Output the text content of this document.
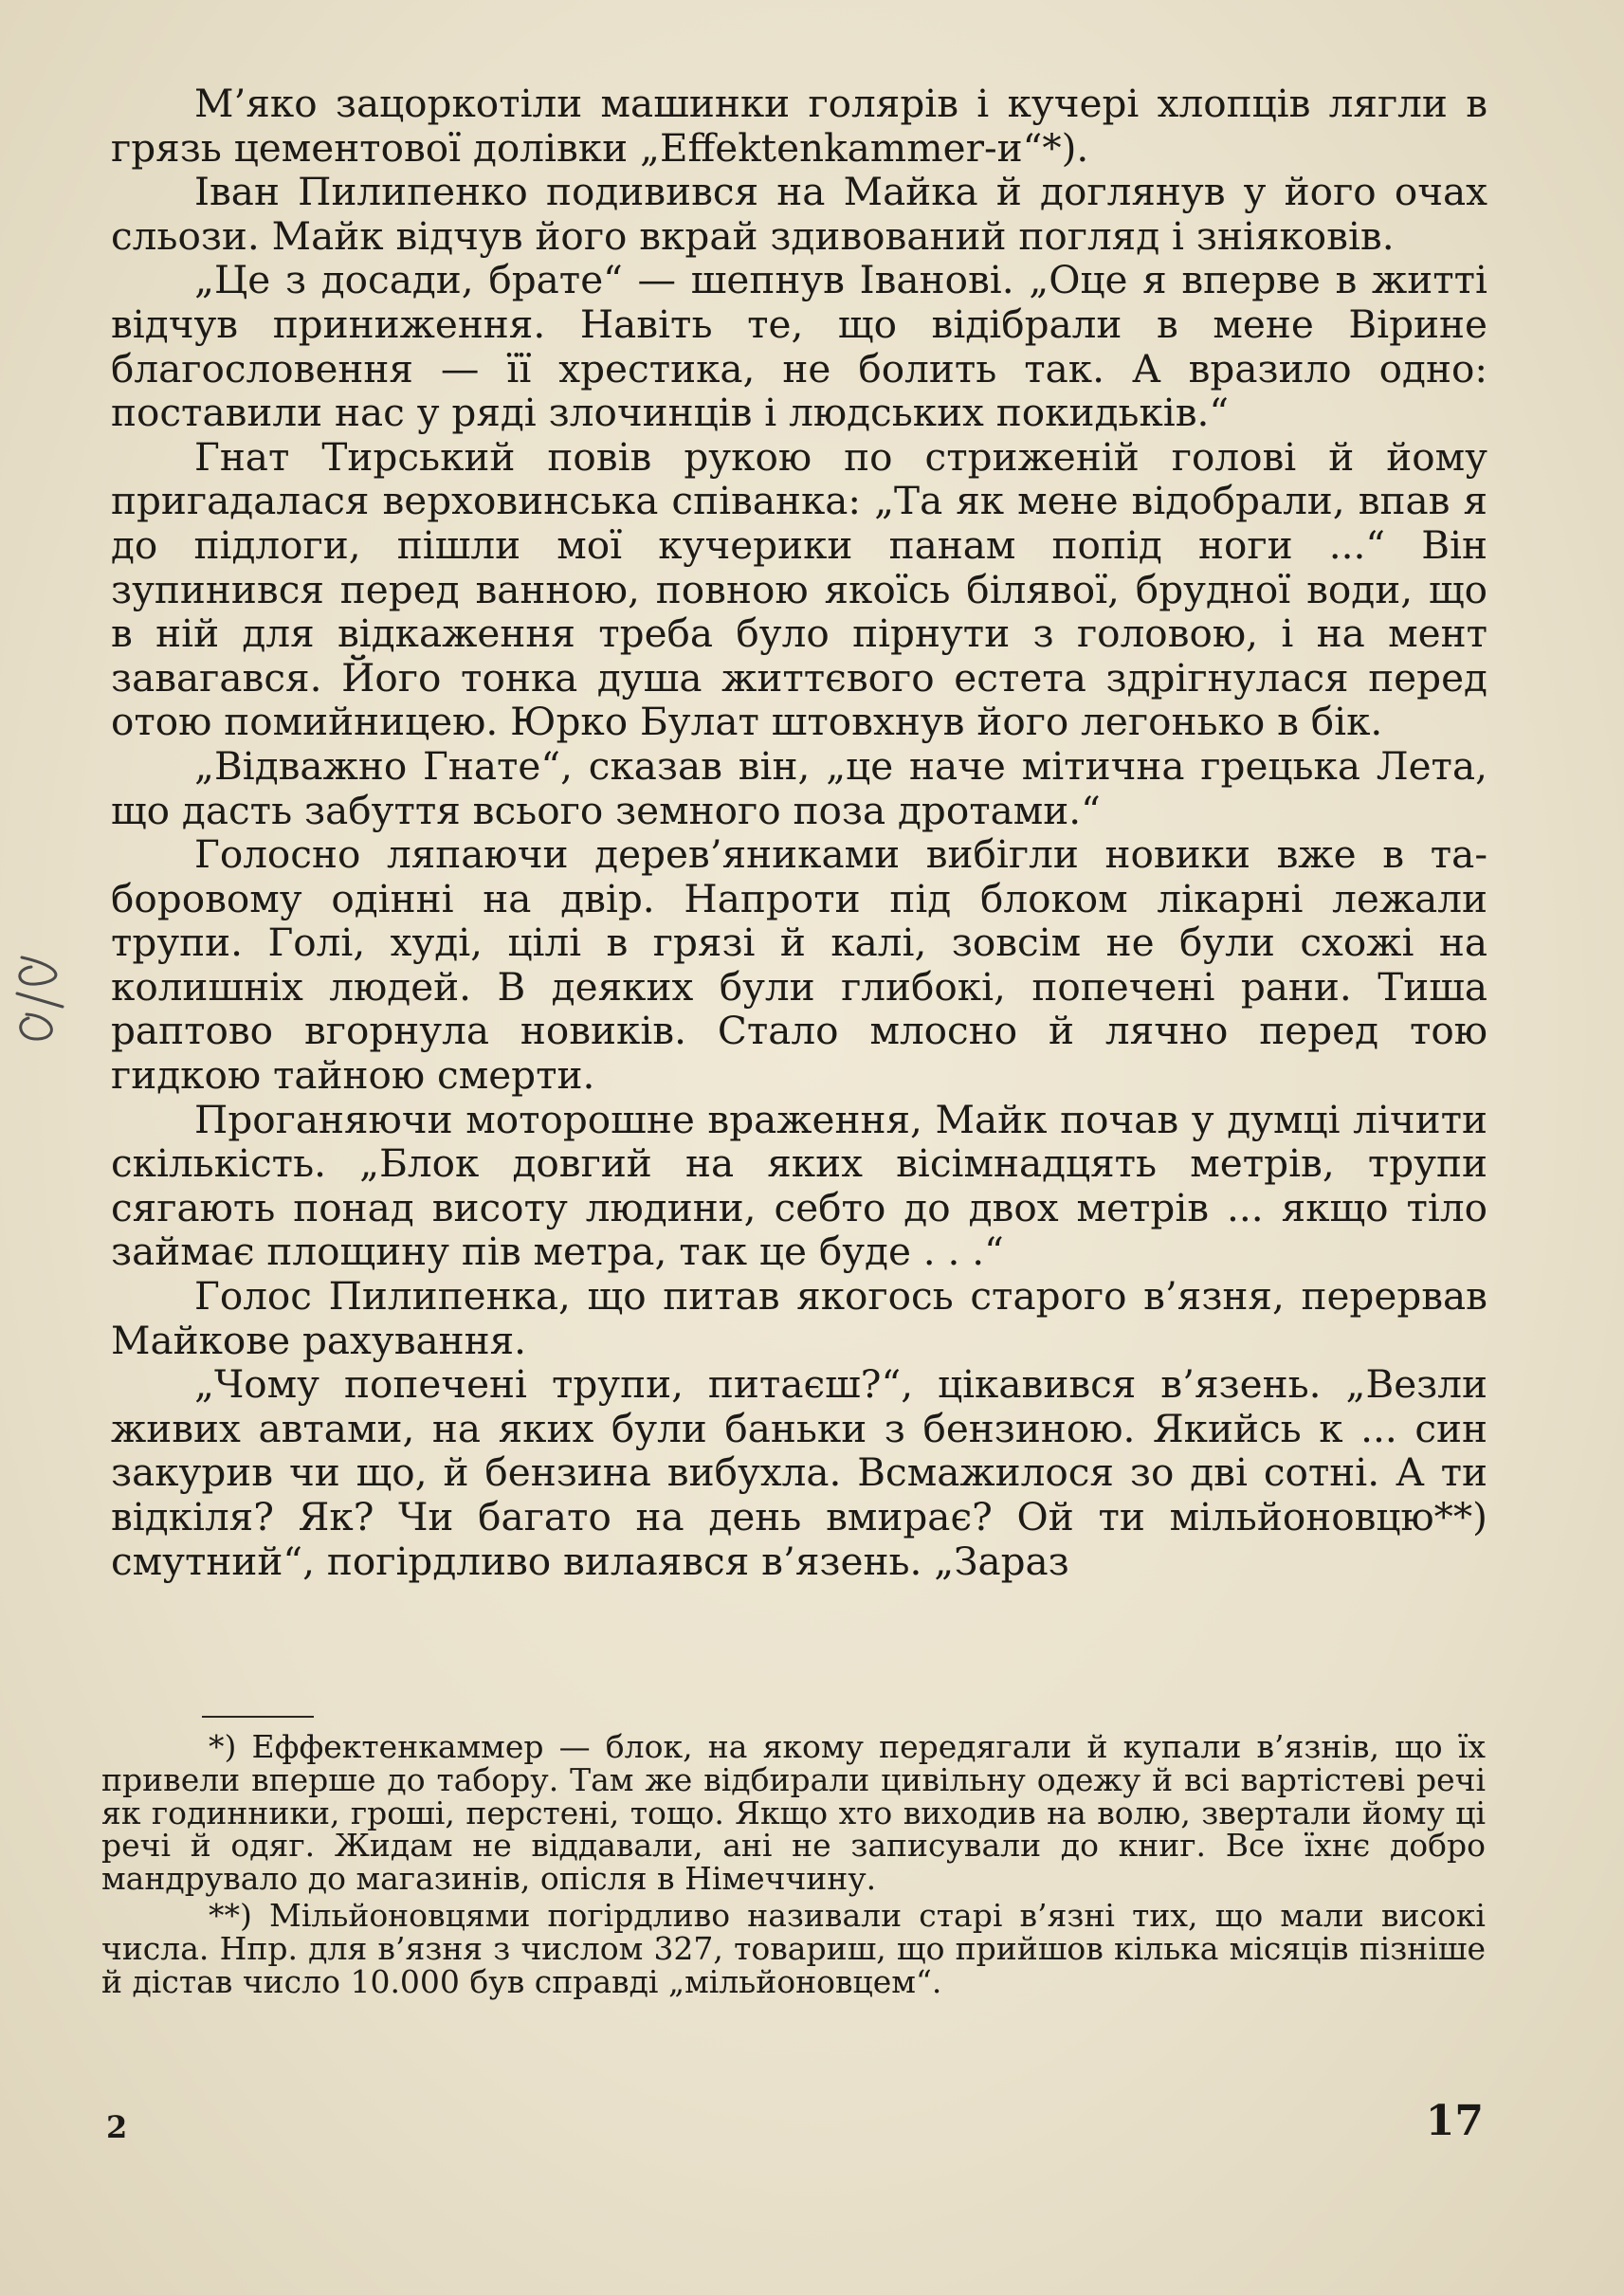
М’яко зацоркотіли машинки голярів і кучері хлопців лягли в грязь цементової долівки „Effektenkammer-и“*).

Іван Пилипенко подивився на Майка й доглянув у його очах сльози. Майк відчув його вкрай здивований погляд і зніяковів.

„Це з досади, брате“ — шепнув Іванові. „Оце я вперве в житті відчув приниження. Навіть те, що відібрали в мене Вірине благословення — її хрестика, не болить так. А вразило одно: поставили нас у ряді злочинців і людських покидьків.“

Гнат Тирський повів рукою по стриженій голові й йому пригадалася верховинська співанка: „Та як мене відобрали, впав я до підлоги, пішли мої кучерики панам попід ноги ...“ Він зупинився перед ванною, повною якоїсь білявої, брудної води, що в ній для відкаження треба було пірнути з головою, і на мент завагався. Його тонка душа життєвого естета здрігнулася перед отою помийницею. Юрко Булат штовхнув його легонько в бік.

„Відважно Гнате“, сказав він, „це наче мітична грецька Лета, що дасть забуття всього земного поза дротами.“

Голосно ляпаючи дерев’яниками вибігли новики вже в таборовому одінні на двір. Напроти під блоком лікарні лежали трупи. Голі, худі, цілі в грязі й калі, зовсім не були схожі на колишніх людей. В деяких були глибокі, попечені рани. Тиша раптово вгорнула новиків. Стало млосно й лячно перед тою гидкою тайною смерти.

Проганяючи моторошне враження, Майк почав у думці лічити скількість. „Блок довгий на яких вісімнадцять метрів, трупи сягають понад висоту людини, себто до двох метрів ... якщо тіло займає площину пів метра, так це буде . . .“

Голос Пилипенка, що питав якогось старого в’язня, перервав Майкове рахування.

„Чому попечені трупи, питаєш?“, цікавився в’язень. „Везли живих автами, на яких були баньки з бензиною. Якийсь к ... син закурив чи що, й бензина вибухла. Всмажилося зо дві сотні. А ти відкіля? Як? Чи багато на день вмирає? Ой ти мільйоновцю**) смутний“, погірдливо вилаявся в’язень. „Зараз

*) Еффектенкаммер — блок, на якому передягали й купали в’язнів, що їх привели вперше до табору. Там же відбирали цивільну одежу й всі вартістеві речі як годинники, гроші, перстені, тощо. Якщо хто виходив на волю, звертали йому ці речі й одяг. Жидам не віддавали, ані не записували до книг. Все їхнє добро мандрувало до магазинів, опісля в Німеччину.

**) Мільйоновцями погірдливо називали старі в’язні тих, що мали високі числа. Нпр. для в’язня з числом 327, товариш, що прийшов кілька місяців пізніше й дістав число 10.000 був справді „мільйоновцем“.

2	17
